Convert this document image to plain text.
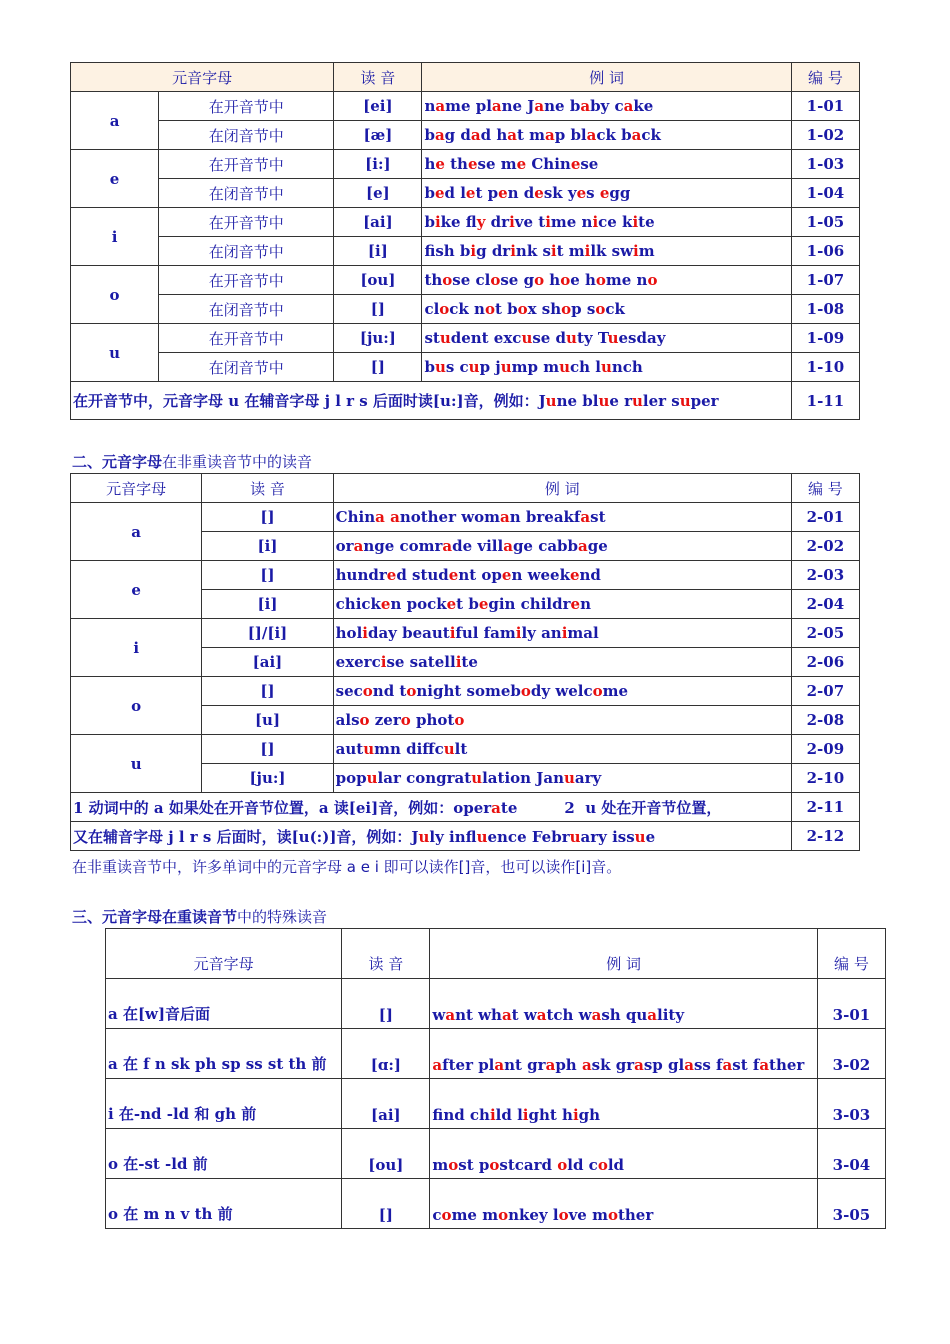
元音字母		读 音	例 词	编 号
a	在开音节中	[ei]	name plane Jane baby cake	1-01
	在闭音节中	[æ]	bag dad hat map black back	1-02
e	在开音节中	[i:]	he these me Chinese	1-03
	在闭音节中	[e]	bed let pen desk yes egg	1-04
i	在开音节中	[ai]	bike fly drive time nice kite	1-05
	在闭音节中	[i]	fsh big drink sit milk swim	1-06
o	在开音节中	[ou]	those close go hoe home no	1-07
	在闭音节中	[]	clock not box shop sock	1-08
u	在开音节中	[ju:]	student excuse duty Tuesday	1-09
	在闭音节中	[]	bus cup jump much lunch	1-10
在开音节中，元音字母 u 在辅音字母 j l r s 后面时读[u:]音，例如：June blue ruler super				1-11
二、元音字母在非重读音节中的读音
元音字母	读 音	例 词	编 号
a	[]	China another woman breakfast	2-01
	[i]	orange comrade village cabbage	2-02
e	[]	hundred student open weekend	2-03
	[i]	chicken pocket begin children	2-04
i	[]/[i]	holiday beautiful family animal	2-05
	[ai]	exercise satellite	2-06
o	[]	second tonight somebody welcome	2-07
	[u]	also zero photo	2-08
u	[]	autumn diffcult	2-09
	[ju:]	popular congratulation January	2-10
1 动词中的 a 如果处在开音节位置，a 读[ei]音，例如：operate         2  u 处在开音节位置，			2-11
又在辅音字母 j l r s 后面时，读[u(:)]音，例如：July influence February issue			2-12
在非重读音节中，许多单词中的元音字母 a e i 即可以读作[]音，也可以读作[i]音。
三、元音字母在重读音节中的特殊读音
元音字母	读 音	例 词	编 号
a 在[w]音后面	[]	want what watch wash quality	3-01
a 在 f n sk ph sp ss st th 前	[ɑ:]	after plant graph ask grasp glass fast father	3-02
i 在-nd -ld 和 gh 前	[ai]	fnd child light high	3-03
o 在-st -ld 前	[ou]	most postcard old cold	3-04
o 在 m n v th 前	[]	come monkey love mother	3-05
